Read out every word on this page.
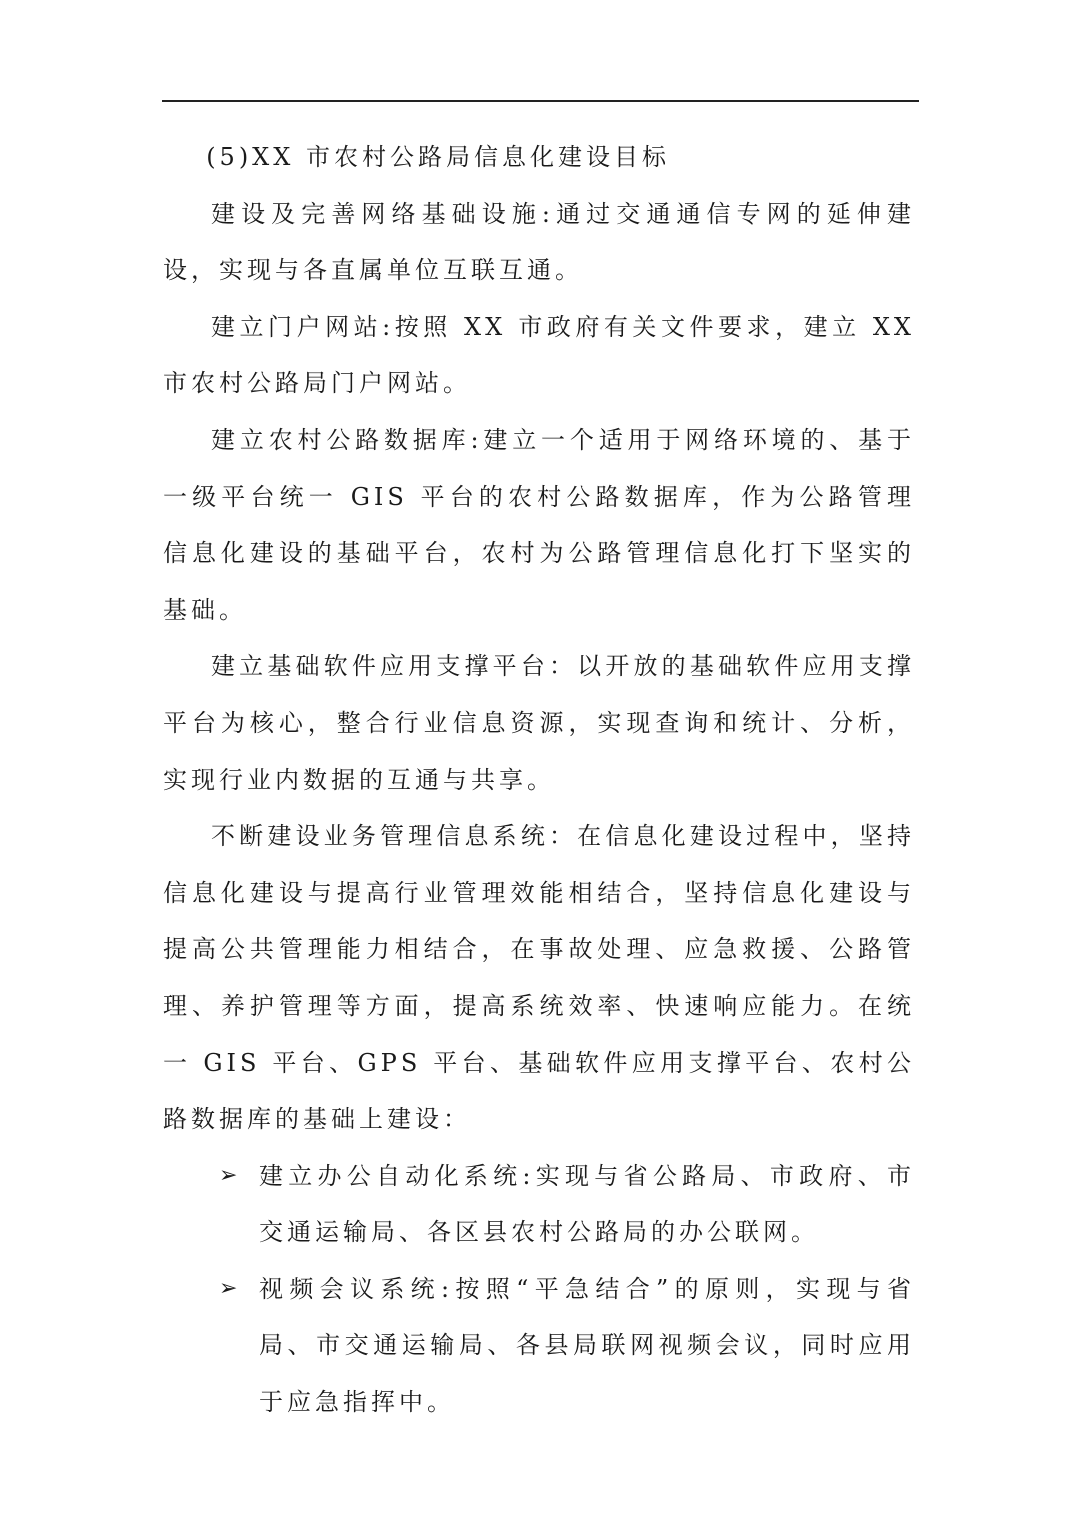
(5)XX 市农村公路局信息化建设目标

建设及完善网络基础设施:通过交通通信专网的延伸建设，实现与各直属单位互联互通。

建立门户网站:按照 XX 市政府有关文件要求，建立 XX 市农村公路局门户网站。

建立农村公路数据库:建立一个适用于网络环境的、基于一级平台统一 GIS 平台的农村公路数据库，作为公路管理信息化建设的基础平台，农村为公路管理信息化打下坚实的基础。

建立基础软件应用支撑平台：以开放的基础软件应用支撑平台为核心，整合行业信息资源，实现查询和统计、分析，实现行业内数据的互通与共享。

不断建设业务管理信息系统：在信息化建设过程中，坚持信息化建设与提高行业管理效能相结合，坚持信息化建设与提高公共管理能力相结合，在事故处理、应急救援、公路管理、养护管理等方面，提高系统效率、快速响应能力。在统一 GIS 平台、GPS 平台、基础软件应用支撑平台、农村公路数据库的基础上建设：

➢ 建立办公自动化系统:实现与省公路局、市政府、市交通运输局、各区县农村公路局的办公联网。
➢ 视频会议系统:按照“平急结合”的原则，实现与省局、市交通运输局、各县局联网视频会议，同时应用于应急指挥中。
